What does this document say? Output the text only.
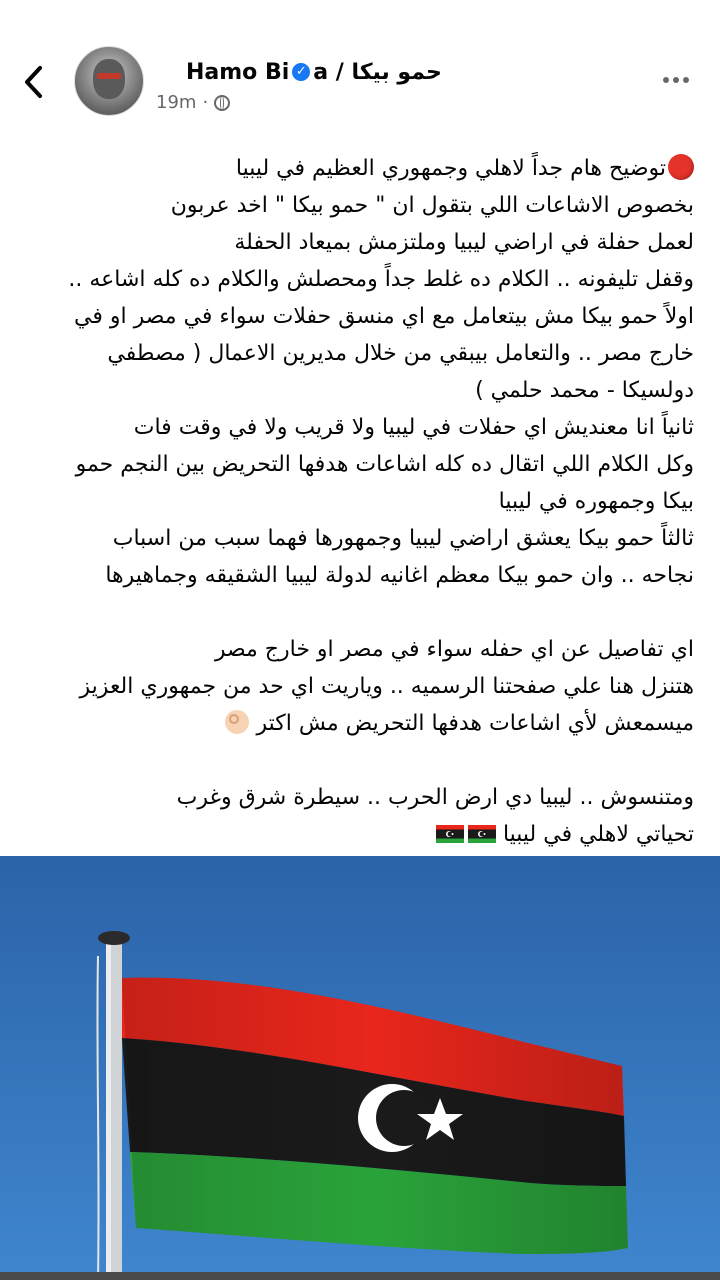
Hamo Bi ✓ a / حمو بيكا
19m ·

توضيح هام جداً لاهلي وجمهوري العظيم في ليبيا

بخصوص الاشاعات اللي بتقول ان " حمو بيكا " اخد عربون

لعمل حفلة في اراضي ليبيا وملتزمش بميعاد الحفلة

وقفل تليفونه .. الكلام ده غلط جداً ومحصلش والكلام ده كله اشاعه ..

اولاً حمو بيكا مش بيتعامل مع اي منسق حفلات سواء في مصر او في

خارج مصر .. والتعامل بيبقي من خلال مديرين الاعمال ( مصطفي

دولسيكا - محمد حلمي )

ثانياً انا معنديش اي حفلات في ليبيا ولا قريب ولا في وقت فات

وكل الكلام اللي اتقال ده كله اشاعات هدفها التحريض بين النجم حمو

بيكا وجمهوره في ليبيا

ثالثاً حمو بيكا يعشق اراضي ليبيا وجمهورها فهما سبب من اسباب

نجاحه .. وان حمو بيكا معظم اغانيه لدولة ليبيا الشقيقه وجماهيرها

اي تفاصيل عن اي حفله سواء في مصر او خارج مصر

هتنزل هنا علي صفحتنا الرسميه .. وياريت اي حد من جمهوري العزيز

ميسمعش لأي اشاعات هدفها التحريض مش اكتر

ومتنسوش .. ليبيا دي ارض الحرب .. سيطرة شرق وغرب

تحياتي لاهلي في ليبيا
